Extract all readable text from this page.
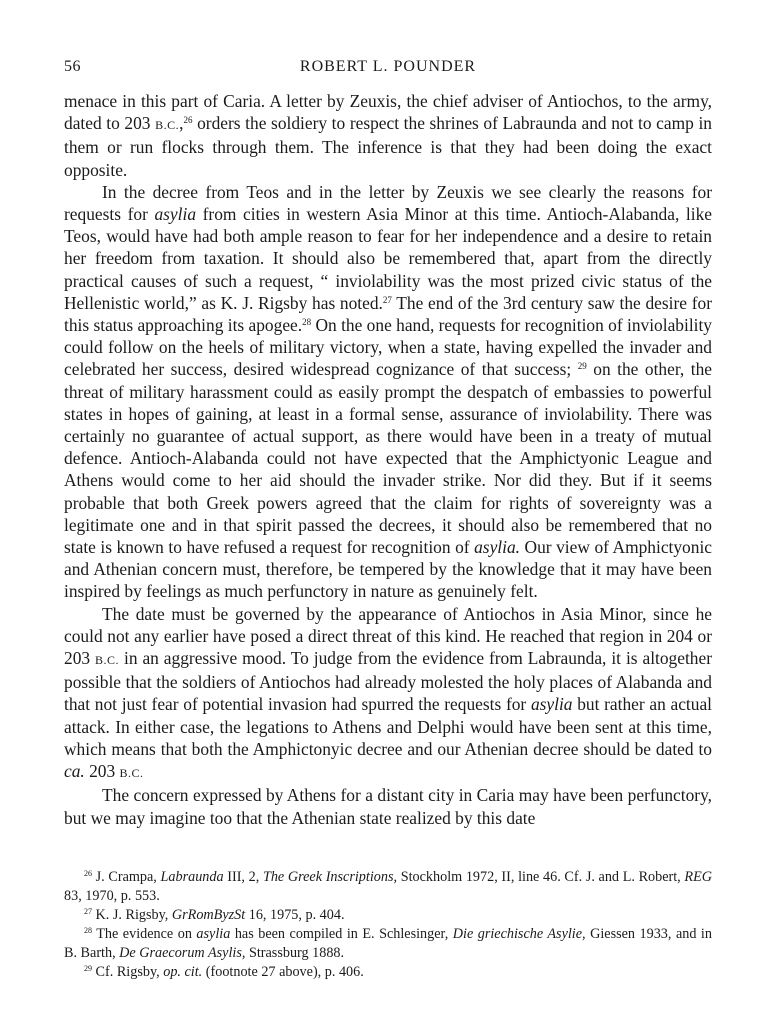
56	ROBERT L. POUNDER

menace in this part of Caria. A letter by Zeuxis, the chief adviser of Antiochos, to the army, dated to 203 B.C.,$^{26}$ orders the soldiery to respect the shrines of Labraunda and not to camp in them or run flocks through them. The inference is that they had been doing the exact opposite.

In the decree from Teos and in the letter by Zeuxis we see clearly the reasons for requests for asylia from cities in western Asia Minor at this time. Antioch-Alabanda, like Teos, would have had both ample reason to fear for her independence and a desire to retain her freedom from taxation. It should also be remembered that, apart from the directly practical causes of such a request, “ inviolability was the most prized civic status of the Hellenistic world,” as K. J. Rigsby has noted.$^{27}$ The end of the 3rd century saw the desire for this status approaching its apogee.$^{28}$ On the one hand, requests for recognition of inviolability could follow on the heels of military victory, when a state, having expelled the invader and celebrated her success, desired widespread cognizance of that success; $^{29}$ on the other, the threat of military harassment could as easily prompt the despatch of embassies to powerful states in hopes of gaining, at least in a formal sense, assurance of inviolability. There was certainly no guarantee of actual support, as there would have been in a treaty of mutual defence. Antioch-Alabanda could not have expected that the Amphictyonic League and Athens would come to her aid should the invader strike. Nor did they. But if it seems probable that both Greek powers agreed that the claim for rights of sovereignty was a legitimate one and in that spirit passed the decrees, it should also be remembered that no state is known to have refused a request for recognition of asylia. Our view of Amphictyonic and Athenian concern must, therefore, be tempered by the knowledge that it may have been inspired by feelings as much perfunctory in nature as genuinely felt.

The date must be governed by the appearance of Antiochos in Asia Minor, since he could not any earlier have posed a direct threat of this kind. He reached that region in 204 or 203 B.C. in an aggressive mood. To judge from the evidence from Labraunda, it is altogether possible that the soldiers of Antiochos had already molested the holy places of Alabanda and that not just fear of potential invasion had spurred the requests for asylia but rather an actual attack. In either case, the legations to Athens and Delphi would have been sent at this time, which means that both the Amphictonyic decree and our Athenian decree should be dated to ca. 203 B.C.

The concern expressed by Athens for a distant city in Caria may have been perfunctory, but we may imagine too that the Athenian state realized by this date

$^{26}$ J. Crampa, Labraunda III, 2, The Greek Inscriptions, Stockholm 1972, II, line 46. Cf. J. and L. Robert, REG 83, 1970, p. 553.

$^{27}$ K. J. Rigsby, GrRomByzSt 16, 1975, p. 404.

$^{28}$ The evidence on asylia has been compiled in E. Schlesinger, Die griechische Asylie, Giessen 1933, and in B. Barth, De Graecorum Asylis, Strassburg 1888.

$^{29}$ Cf. Rigsby, op. cit. (footnote 27 above), p. 406.
